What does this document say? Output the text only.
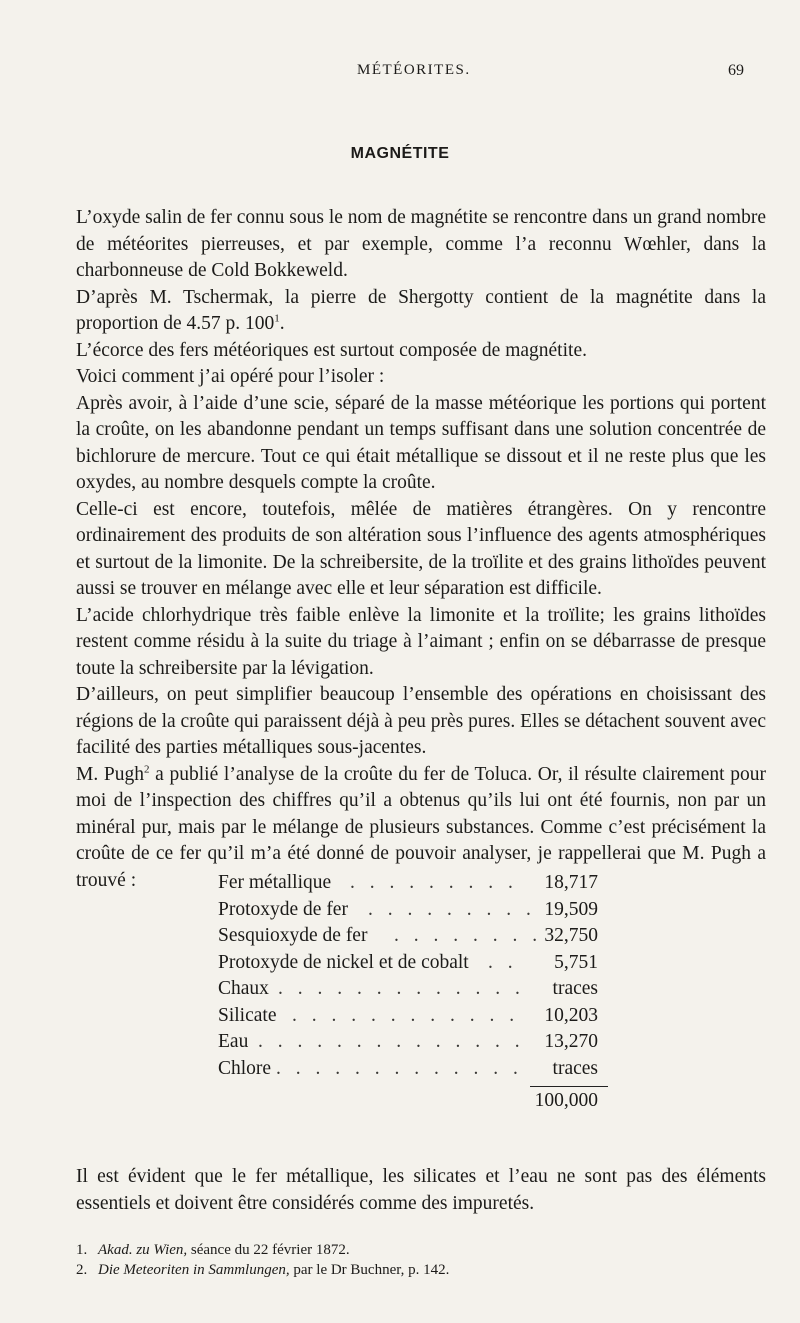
MÉTÉORITES.	69
MAGNÉTITE

L’oxyde salin de fer connu sous le nom de magnétite se rencontre dans un grand nombre de météorites pierreuses, et par exemple, comme l’a reconnu Wœhler, dans la charbonneuse de Cold Bokkeweld.

D’après M. Tschermak, la pierre de Shergotty contient de la magnétite dans la proportion de 4.57 p. $100^1$.

L’écorce des fers météoriques est surtout composée de magnétite.

Voici comment j’ai opéré pour l’isoler :

Après avoir, à l’aide d’une scie, séparé de la masse météorique les portions qui portent la croûte, on les abandonne pendant un temps suffisant dans une solution concentrée de bichlorure de mercure. Tout ce qui était métallique se dissout et il ne reste plus que les oxydes, au nombre desquels compte la croûte.

Celle-ci est encore, toutefois, mêlée de matières étrangères. On y rencontre ordinairement des produits de son altération sous l’influence des agents atmosphériques et surtout de la limonite. De la schreibersite, de la troïlite et des grains lithoïdes peuvent aussi se trouver en mélange avec elle et leur séparation est difficile.

L’acide chlorhydrique très faible enlève la limonite et la troïlite; les grains lithoïdes restent comme résidu à la suite du triage à l’aimant ; enfin on se débarrasse de presque toute la schreibersite par la lévigation.

D’ailleurs, on peut simplifier beaucoup l’ensemble des opérations en choisissant des régions de la croûte qui paraissent déjà à peu près pures. Elles se détachent souvent avec facilité des parties métalliques sous-jacentes.

M. Pugh$^2$ a publié l’analyse de la croûte du fer de Toluca. Or, il résulte clairement pour moi de l’inspection des chiffres qu’il a obtenus qu’ils lui ont été fournis, non par un minéral pur, mais par le mélange de plusieurs substances. Comme c’est précisément la croûte de ce fer qu’il m’a été donné de pouvoir analyser, je rappellerai que M. Pugh a trouvé :	Fer métallique . . . . . . . . . 18,717
Protoxyde de fer . . . . . . . . . 19,509
Sesquioxyde de fer . . . . . . . . 32,750
Protoxyde de nickel et de cobalt . . 5,751
Chaux . . . . . . . . . . . . . traces
Silicate . . . . . . . . . . . . 10,203
Eau . . . . . . . . . . . . . . 13,270
Chlore . . . . . . . . . . . . . traces
100,000
Il est évident que le fer métallique, les silicates et l’eau ne sont pas des éléments essentiels et doivent être considérés comme des impuretés.
1. Akad. zu Wien, séance du 22 février 1872.
2. Die Meteoriten in Sammlungen, par le Dr Buchner, p. 142.
